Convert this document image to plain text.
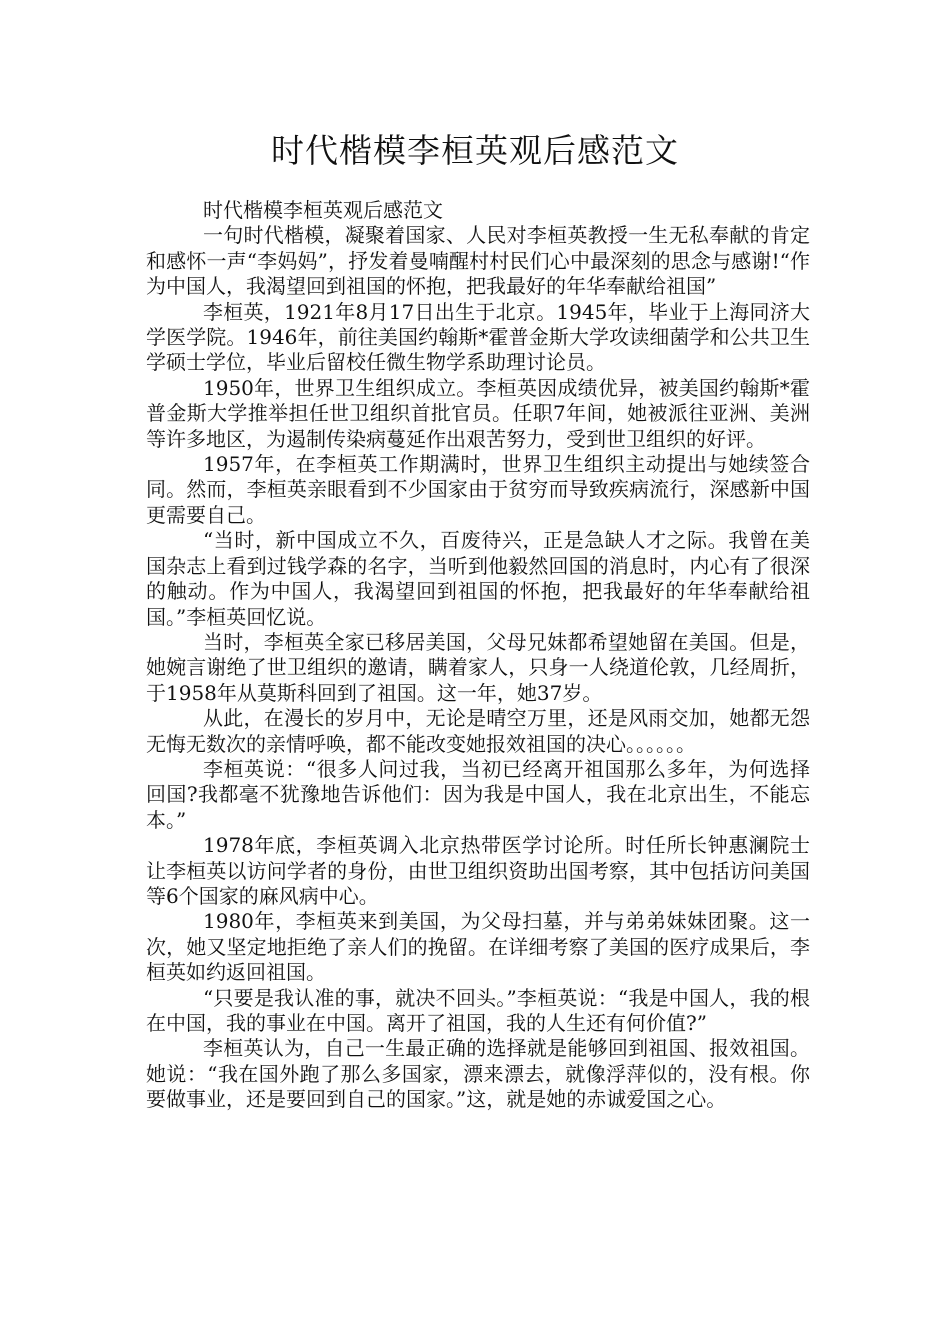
时代楷模李桓英观后感范文

时代楷模李桓英观后感范文

一句时代楷模，凝聚着国家、人民对李桓英教授一生无私奉献的肯定和感怀一声“李妈妈”，抒发着曼喃醒村村民们心中最深刻的思念与感谢!“作为中国人，我渴望回到祖国的怀抱，把我最好的年华奉献给祖国”

李桓英，1921年8月17日出生于北京。1945年，毕业于上海同济大学医学院。1946年，前往美国约翰斯*霍普金斯大学攻读细菌学和公共卫生学硕士学位，毕业后留校任微生物学系助理讨论员。

1950年，世界卫生组织成立。李桓英因成绩优异，被美国约翰斯*霍普金斯大学推举担任世卫组织首批官员。任职7年间，她被派往亚洲、美洲等许多地区，为遏制传染病蔓延作出艰苦努力，受到世卫组织的好评。

1957年，在李桓英工作期满时，世界卫生组织主动提出与她续签合同。然而，李桓英亲眼看到不少国家由于贫穷而导致疾病流行，深感新中国更需要自己。

“当时，新中国成立不久，百废待兴，正是急缺人才之际。我曾在美国杂志上看到过钱学森的名字，当听到他毅然回国的消息时，内心有了很深的触动。作为中国人，我渴望回到祖国的怀抱，把我最好的年华奉献给祖国。”李桓英回忆说。

当时，李桓英全家已移居美国，父母兄妹都希望她留在美国。但是，她婉言谢绝了世卫组织的邀请，瞒着家人，只身一人绕道伦敦，几经周折，于1958年从莫斯科回到了祖国。这一年，她37岁。

从此，在漫长的岁月中，无论是晴空万里，还是风雨交加，她都无怨无悔无数次的亲情呼唤，都不能改变她报效祖国的决心。。。。。。

李桓英说：“很多人问过我，当初已经离开祖国那么多年，为何选择回国?我都毫不犹豫地告诉他们：因为我是中国人，我在北京出生，不能忘本。”

1978年底，李桓英调入北京热带医学讨论所。时任所长钟惠澜院士让李桓英以访问学者的身份，由世卫组织资助出国考察，其中包括访问美国等6个国家的麻风病中心。

1980年，李桓英来到美国，为父母扫墓，并与弟弟妹妹团聚。这一次，她又坚定地拒绝了亲人们的挽留。在详细考察了美国的医疗成果后，李桓英如约返回祖国。

“只要是我认准的事，就决不回头。”李桓英说：“我是中国人，我的根在中国，我的事业在中国。离开了祖国，我的人生还有何价值?”

李桓英认为，自己一生最正确的选择就是能够回到祖国、报效祖国。她说：“我在国外跑了那么多国家，漂来漂去，就像浮萍似的，没有根。你要做事业，还是要回到自己的国家。”这，就是她的赤诚爱国之心。
